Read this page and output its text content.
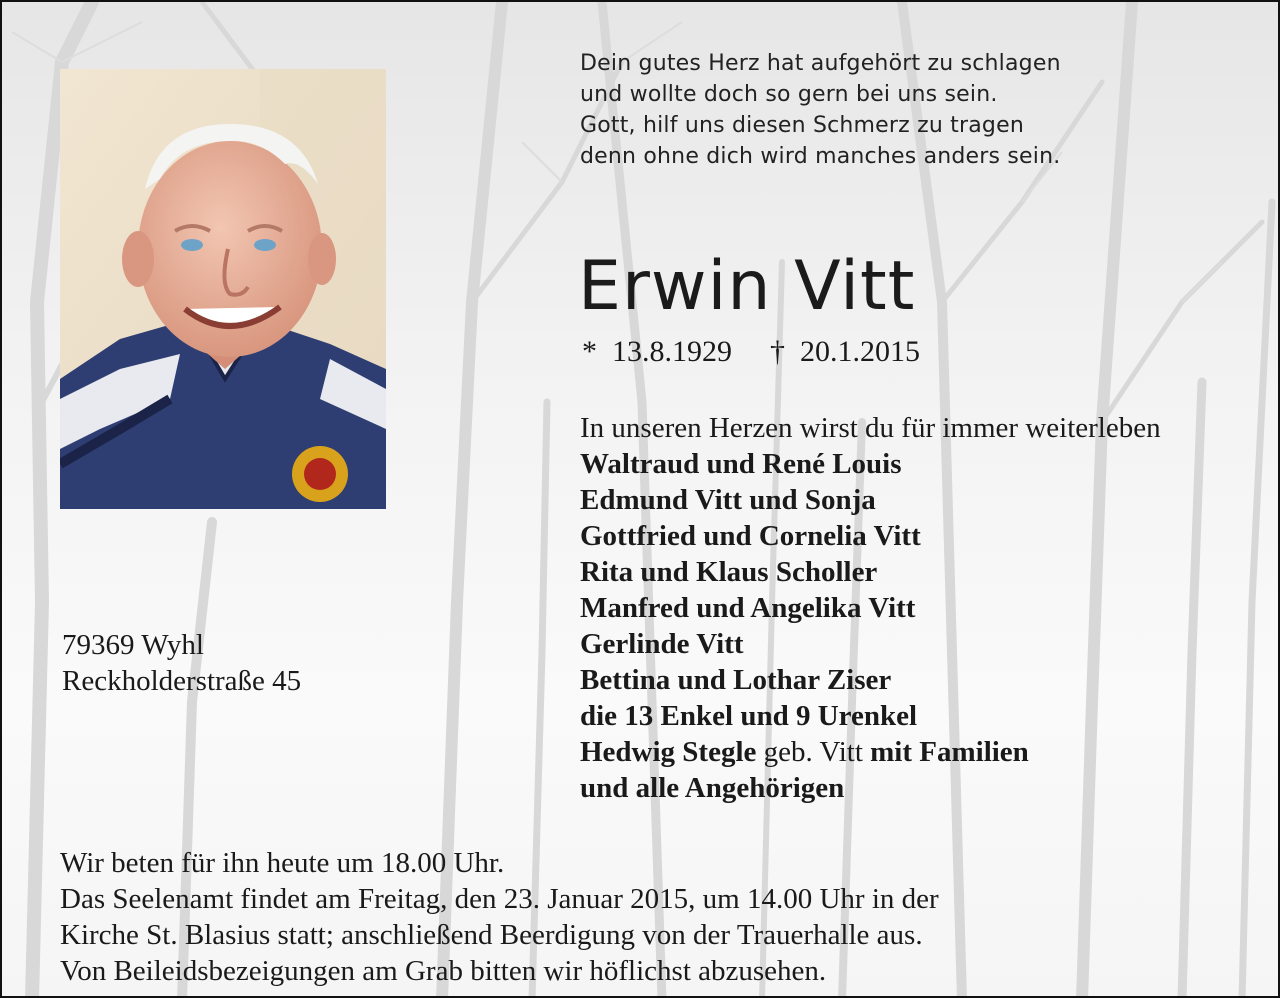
Dein gutes Herz hat aufgehört zu schlagen
und wollte doch so gern bei uns sein.
Gott, hilf uns diesen Schmerz zu tragen
denn ohne dich wird manches anders sein.
Erwin Vitt
* 13.8.1929 † 20.1.2015
In unseren Herzen wirst du für immer weiterleben
Waltraud und René Louis
Edmund Vitt und Sonja
Gottfried und Cornelia Vitt
Rita und Klaus Scholler
Manfred und Angelika Vitt
Gerlinde Vitt
Bettina und Lothar Ziser
die 13 Enkel und 9 Urenkel
Hedwig Stegle geb. Vitt mit Familien
und alle Angehörigen
79369 Wyhl
Reckholderstraße 45
Wir beten für ihn heute um 18.00 Uhr.
Das Seelenamt findet am Freitag, den 23. Januar 2015, um 14.00 Uhr in der
Kirche St. Blasius statt; anschließend Beerdigung von der Trauerhalle aus.
Von Beileidsbezeigungen am Grab bitten wir höflichst abzusehen.
